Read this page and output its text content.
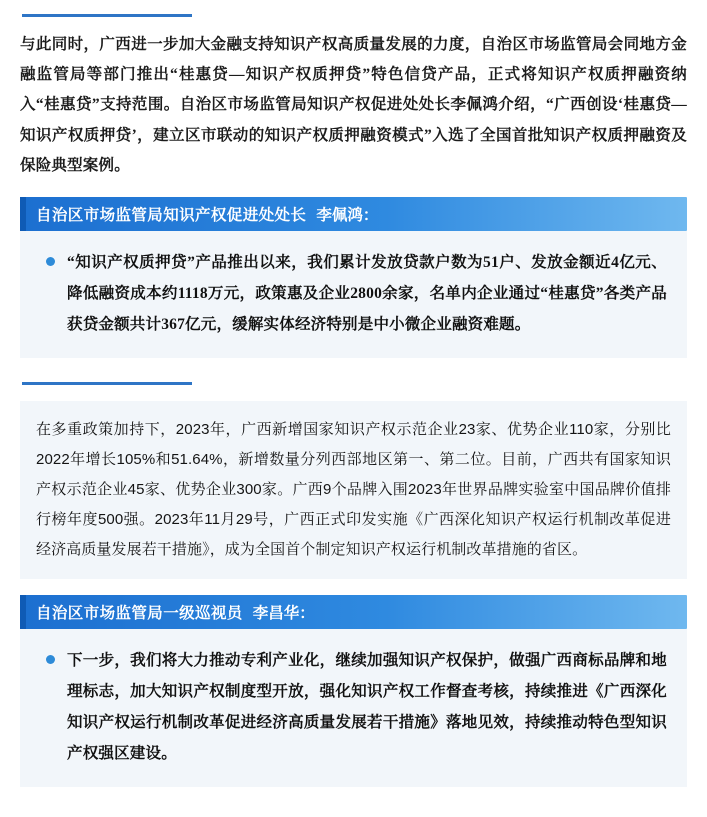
与此同时，广西进一步加大金融支持知识产权高质量发展的力度，自治区市场监管局会同地方金融监管局等部门推出“桂惠贷—知识产权质押贷”特色信贷产品，正式将知识产权质押融资纳入“桂惠贷”支持范围。自治区市场监管局知识产权促进处处长李佩鸿介绍，“广西创设‘桂惠贷—知识产权质押贷’，建立区市联动的知识产权质押融资模式”入选了全国首批知识产权质押融资及保险典型案例。

自治区市场监管局知识产权促进处处长 李佩鸿：
“知识产权质押贷”产品推出以来，我们累计发放贷款户数为51户、发放金额近4亿元、降低融资成本约1118万元，政策惠及企业2800余家，名单内企业通过“桂惠贷”各类产品获贷金额共计367亿元，缓解实体经济特别是中小微企业融资难题。
在多重政策加持下，2023年，广西新增国家知识产权示范企业23家、优势企业110家，分别比2022年增长105%和51.64%，新增数量分列西部地区第一、第二位。目前，广西共有国家知识产权示范企业45家、优势企业300家。广西9个品牌入围2023年世界品牌实验室中国品牌价值排行榜年度500强。2023年11月29号，广西正式印发实施《广西深化知识产权运行机制改革促进经济高质量发展若干措施》，成为全国首个制定知识产权运行机制改革措施的省区。
自治区市场监管局一级巡视员 李昌华：
下一步，我们将大力推动专利产业化，继续加强知识产权保护，做强广西商标品牌和地理标志，加大知识产权制度型开放，强化知识产权工作督查考核，持续推进《广西深化知识产权运行机制改革促进经济高质量发展若干措施》落地见效，持续推动特色型知识产权强区建设。
